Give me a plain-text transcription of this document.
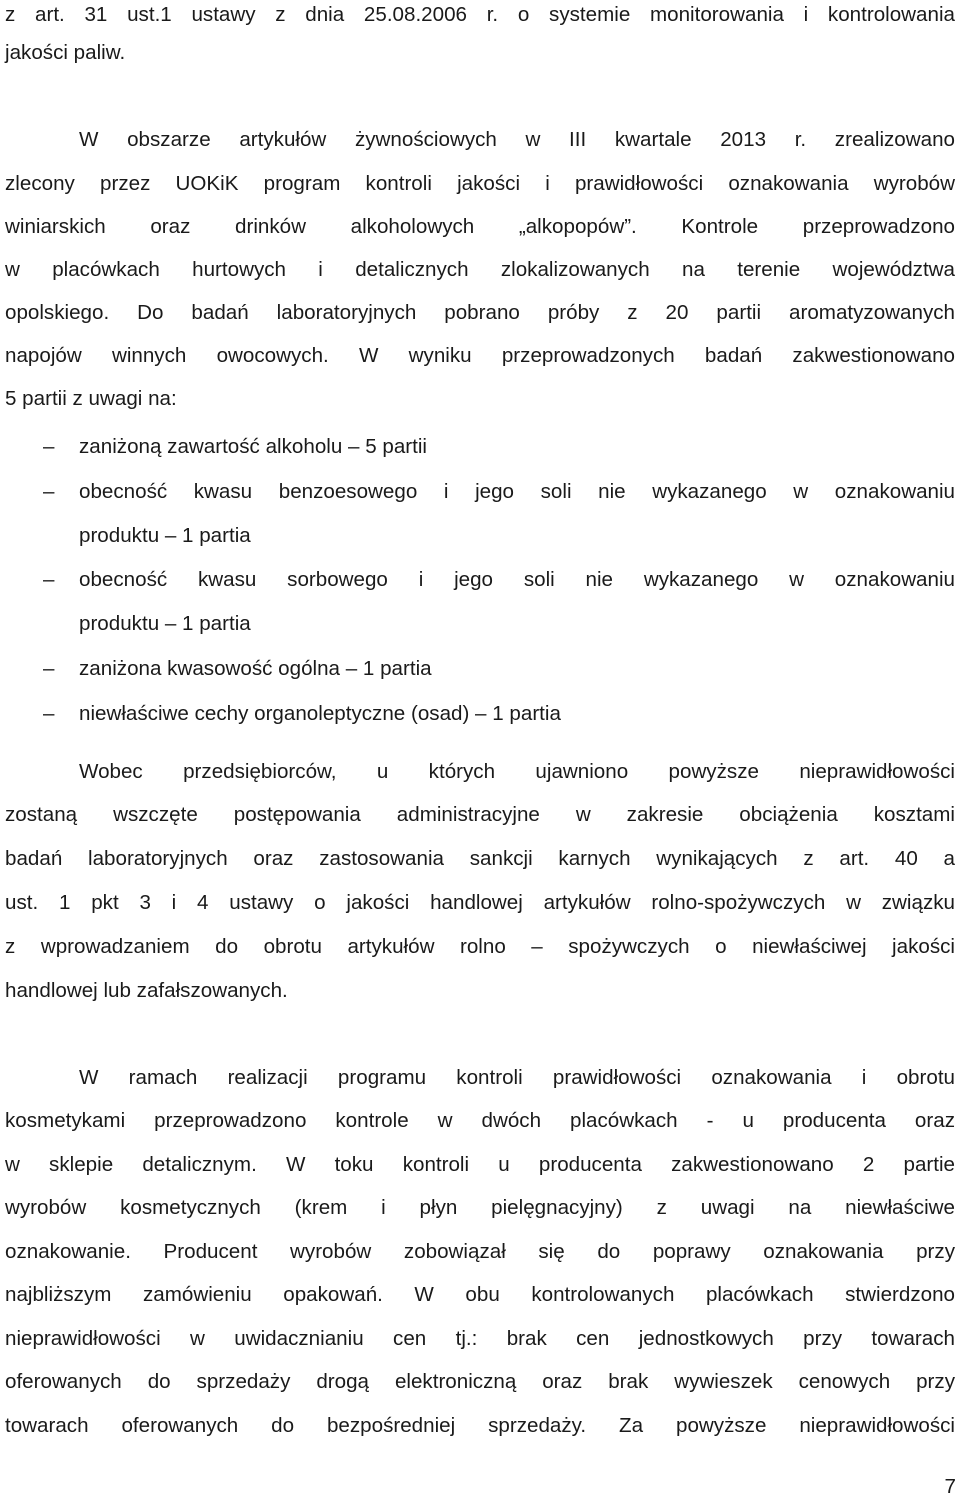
z art. 31 ust.1 ustawy z dnia 25.08.2006 r. o systemie monitorowania i kontrolowania
jakości paliw.
W obszarze artykułów żywnościowych w III kwartale 2013 r. zrealizowano
zlecony przez UOKiK program kontroli jakości i prawidłowości oznakowania wyrobów
winiarskich oraz drinków alkoholowych „alkopopów”. Kontrole przeprowadzono
w placówkach hurtowych i detalicznych zlokalizowanych na terenie województwa
opolskiego. Do badań laboratoryjnych pobrano próby z 20 partii aromatyzowanych
napojów winnych owocowych. W wyniku przeprowadzonych badań zakwestionowano
5 partii z uwagi na:
– zaniżoną zawartość alkoholu – 5 partii
– obecność kwasu benzoesowego i jego soli nie wykazanego w oznakowaniu
produktu – 1 partia
– obecność kwasu sorbowego i jego soli nie wykazanego w oznakowaniu
produktu – 1 partia
– zaniżona kwasowość ogólna – 1 partia
– niewłaściwe cechy organoleptyczne (osad) – 1 partia
Wobec przedsiębiorców, u których ujawniono powyższe nieprawidłowości
zostaną wszczęte postępowania administracyjne w zakresie obciążenia kosztami
badań laboratoryjnych oraz zastosowania sankcji karnych wynikających z art. 40 a
ust. 1 pkt 3 i 4 ustawy o jakości handlowej artykułów rolno-spożywczych w związku
z wprowadzaniem do obrotu artykułów rolno – spożywczych o niewłaściwej jakości
handlowej lub zafałszowanych.
W ramach realizacji programu kontroli prawidłowości oznakowania i obrotu
kosmetykami przeprowadzono kontrole w dwóch placówkach - u producenta oraz
w sklepie detalicznym. W toku kontroli u producenta zakwestionowano 2 partie
wyrobów kosmetycznych (krem i płyn pielęgnacyjny) z uwagi na niewłaściwe
oznakowanie. Producent wyrobów zobowiązał się do poprawy oznakowania przy
najbliższym zamówieniu opakowań. W obu kontrolowanych placówkach stwierdzono
nieprawidłowości w uwidacznianiu cen tj.: brak cen jednostkowych przy towarach
oferowanych do sprzedaży drogą elektroniczną oraz brak wywieszek cenowych przy
towarach oferowanych do bezpośredniej sprzedaży. Za powyższe nieprawidłowości
7
